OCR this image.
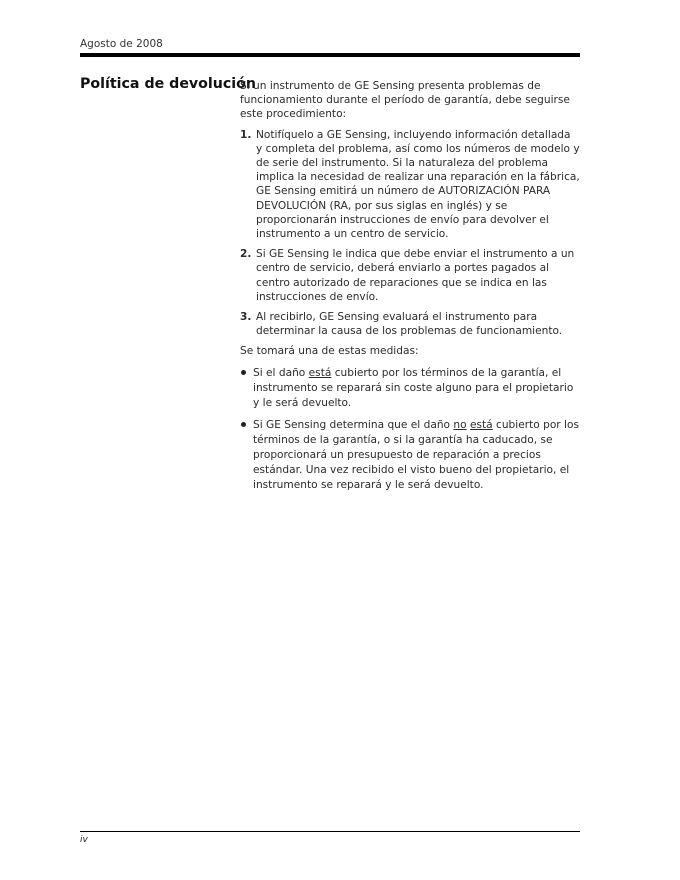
Agosto de 2008
Política de devolución

Si un instrumento de GE Sensing presenta problemas de funcionamiento durante el período de garantía, debe seguirse este procedimiento:

1. Notifíquelo a GE Sensing, incluyendo información detallada y completa del problema, así como los números de modelo y de serie del instrumento. Si la naturaleza del problema implica la necesidad de realizar una reparación en la fábrica, GE Sensing emitirá un número de AUTORIZACIÓN PARA DEVOLUCIÓN (RA, por sus siglas en inglés) y se proporcionarán instrucciones de envío para devolver el instrumento a un centro de servicio.
2. Si GE Sensing le indica que debe enviar el instrumento a un centro de servicio, deberá enviarlo a portes pagados al centro autorizado de reparaciones que se indica en las instrucciones de envío.
3. Al recibirlo, GE Sensing evaluará el instrumento para determinar la causa de los problemas de funcionamiento.

Se tomará una de estas medidas:

Si el daño está cubierto por los términos de la garantía, el instrumento se reparará sin coste alguno para el propietario y le será devuelto.
Si GE Sensing determina que el daño no está cubierto por los términos de la garantía, o si la garantía ha caducado, se proporcionará un presupuesto de reparación a precios estándar. Una vez recibido el visto bueno del propietario, el instrumento se reparará y le será devuelto.
iv
